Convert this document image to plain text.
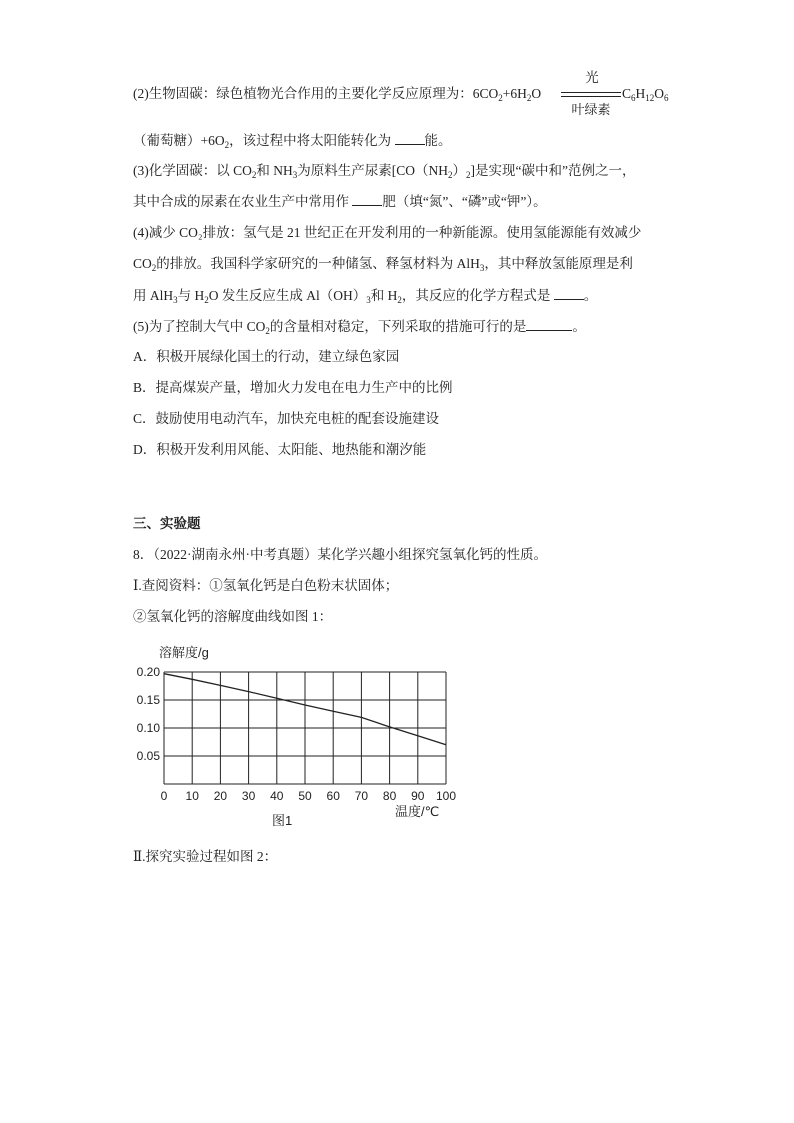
(2)生物固碳：绿色植物光合作用的主要化学反应原理为：$6CO_2+6H_2O$
光
叶绿素
$C_6H_{12}O_6$
（葡萄糖）$+6O_2$，该过程中将太阳能转化为 能。
(3)化学固碳：以 $CO_2$和 $NH_3$为原料生产尿素$[CO(NH_2)_2]$是实现“碳中和”范例之一，
其中合成的尿素在农业生产中常用作 肥（填“氮”、“磷”或“钾”）。
(4)减少 CO₂排放：氢气是 21 世纪正在开发利用的一种新能源。使用氢能源能有效减少
$CO_2$的排放。我国科学家研究的一种储氢、释氢材料为 AlH$_3$，其中释放氢能原理是利
用 AlH$_3$与 $H_2O$ 发生反应生成 $Al(OH)_3$和 $H_2$，其反应的化学方程式是 。
(5)为了控制大气中 $CO_2$的含量相对稳定，下列采取的措施可行的是	。
A．积极开展绿化国土的行动，建立绿色家园
B．提高煤炭产量，增加火力发电在电力生产中的比例
C．鼓励使用电动汽车，加快充电桩的配套设施建设
D．积极开发利用风能、太阳能、地热能和潮汐能
三、实验题
8．（2022·湖南永州·中考真题）某化学兴趣小组探究氢氧化钙的性质。
Ⅰ.查阅资料：①氢氧化钙是白色粉末状固体；
②氢氧化钙的溶解度曲线如图 1：
溶解度/g
0.05
0.10
0.15
0.20
0 10 20 30 40 50 60 70 80 90 100
温度/℃
图1
Ⅱ.探究实验过程如图 2：
